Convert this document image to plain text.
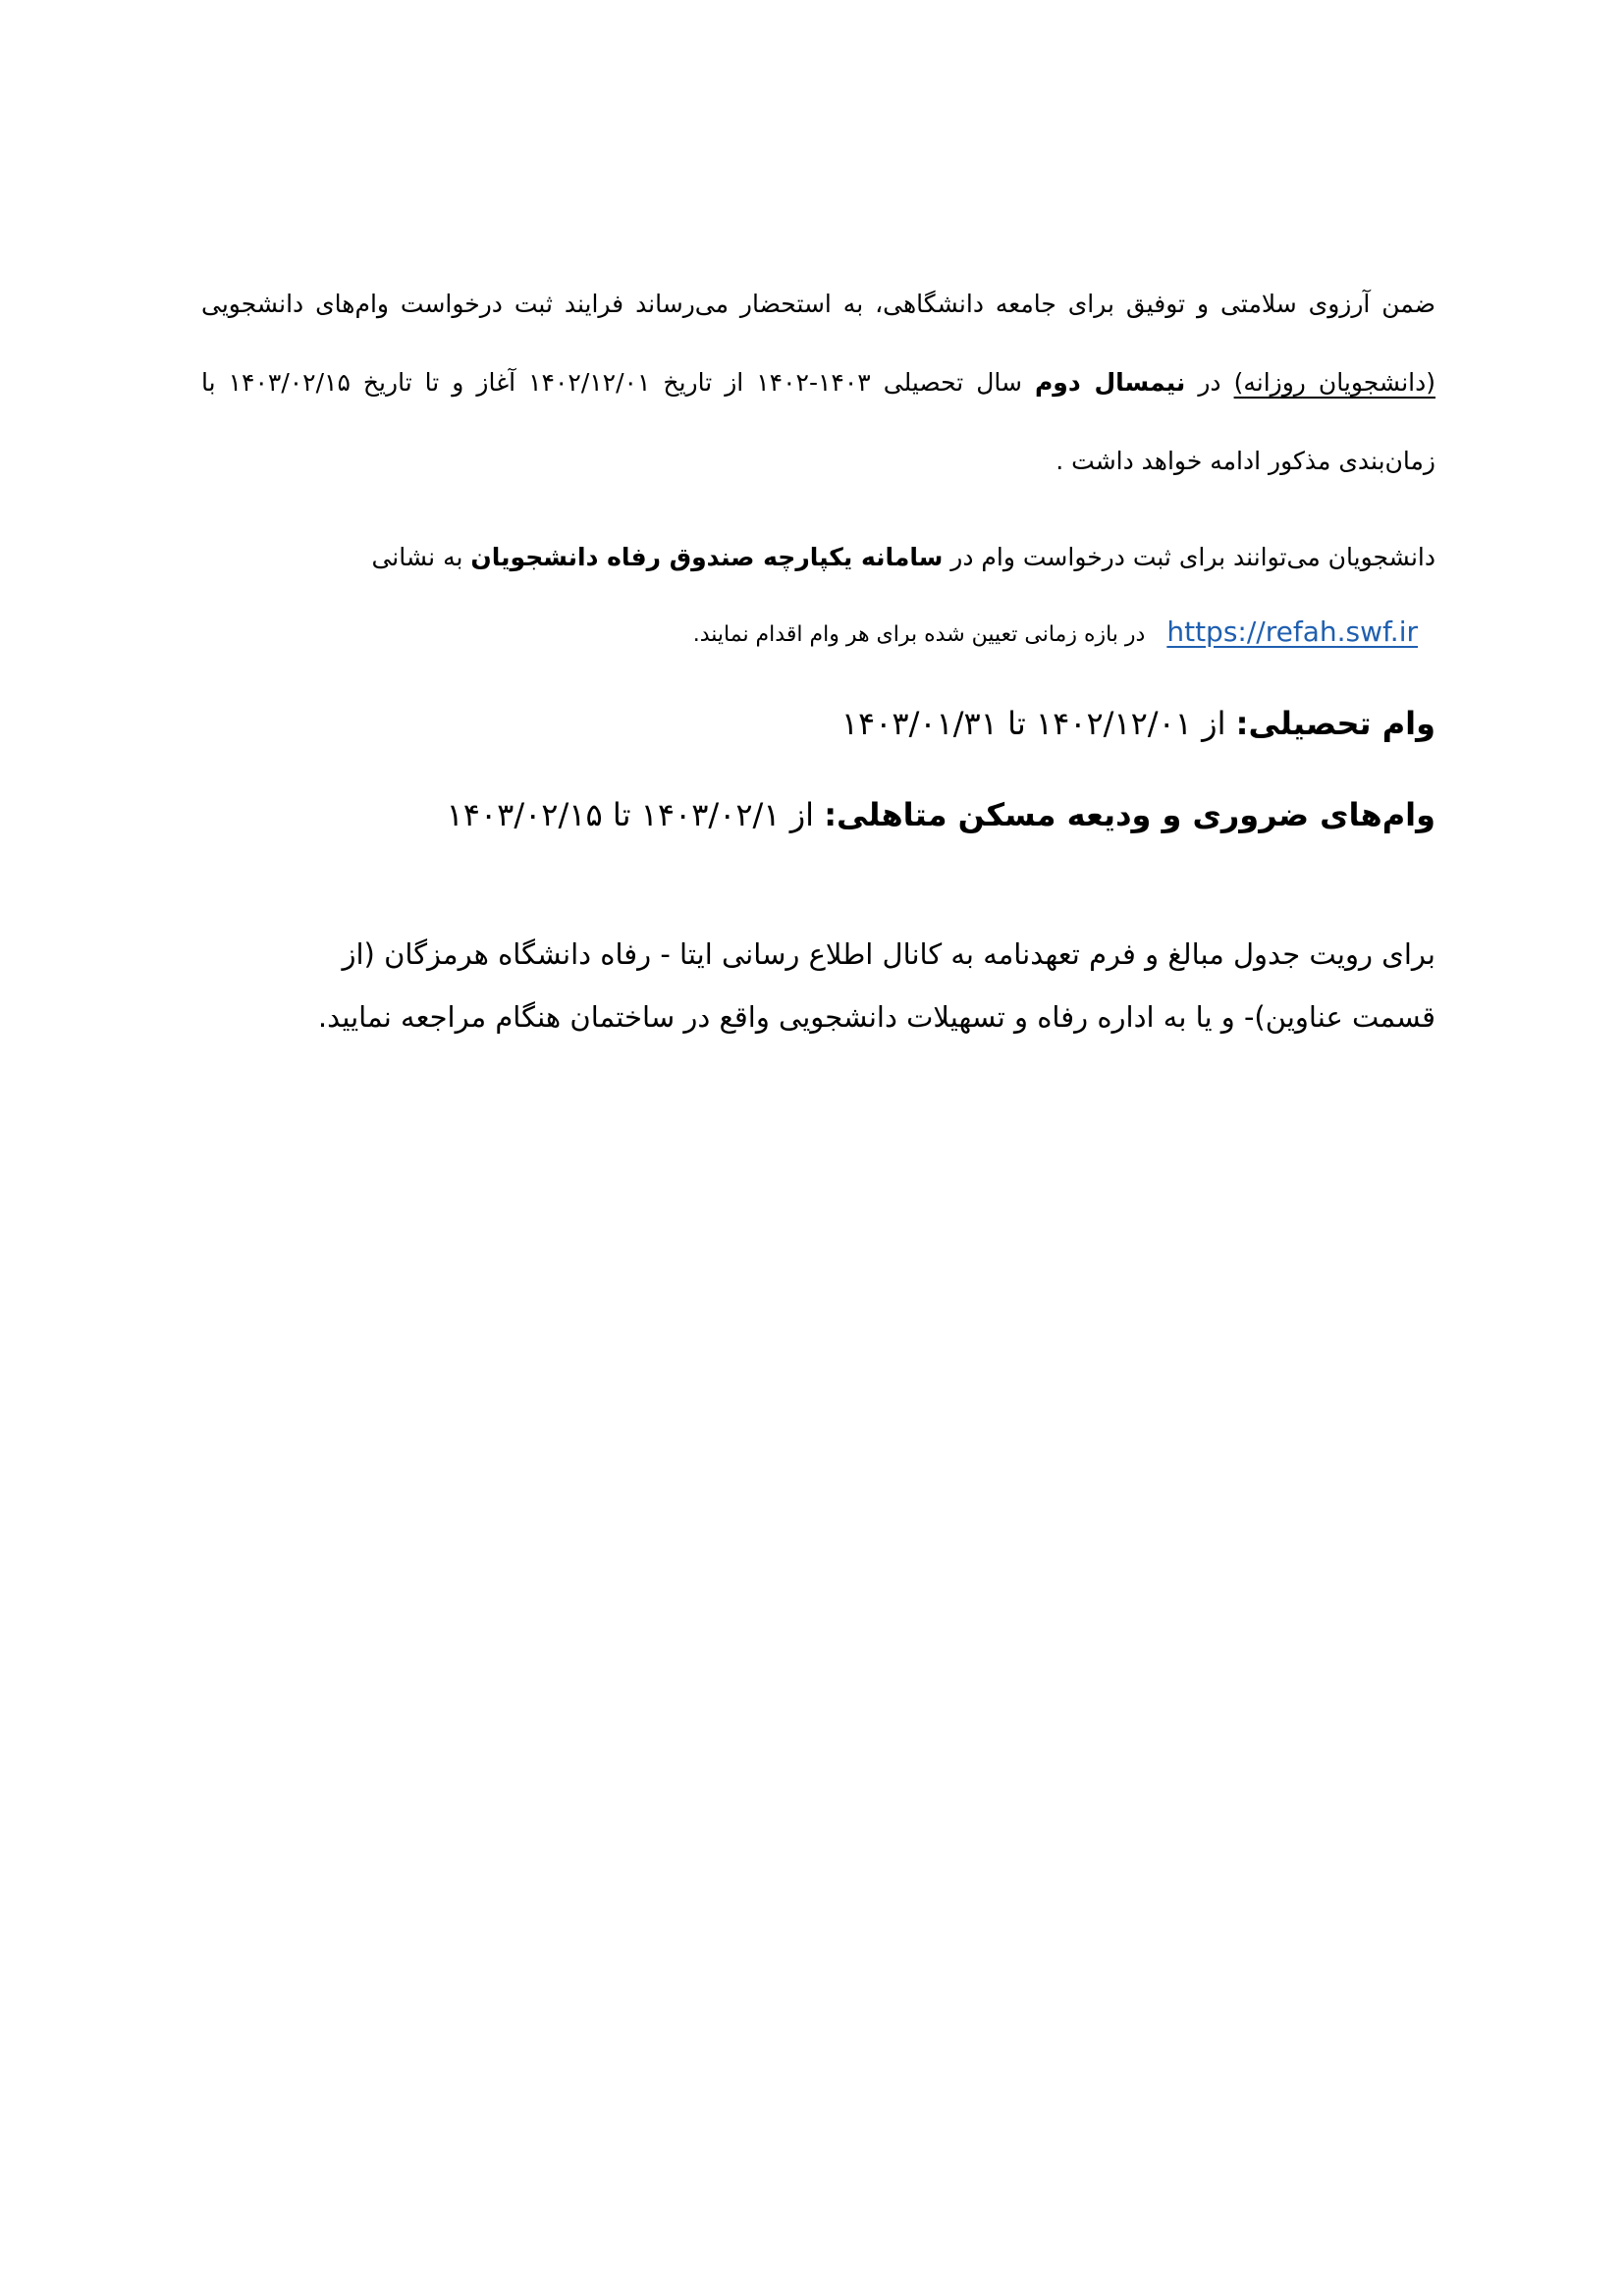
ضمن آرزوی سلامتی و توفیق برای جامعه دانشگاهی، به استحضار می‌رساند فرایند ثبت درخواست وام‌های دانشجویی (دانشجویان روزانه) در نیمسال دوم سال تحصیلی ۱۴۰۳-۱۴۰۲ از تاریخ ۱۴۰۲/۱۲/۰۱ آغاز و تا تاریخ ۱۴۰۳/۰۲/۱۵ با زمان‌بندی مذکور ادامه خواهد داشت .

دانشجویان می‌توانند برای ثبت درخواست وام در سامانه یکپارچه صندوق رفاه دانشجویان به نشانی
https://refah.swf.irدر بازه زمانی تعیین شده برای هر وام اقدام نمایند.
وام تحصیلی: از ۱۴۰۲/۱۲/۰۱ تا ۱۴۰۳/۰۱/۳۱
وام‌های ضروری و ودیعه مسکن متاهلی: از ۱۴۰۳/۰۲/۱ تا ۱۴۰۳/۰۲/۱۵

برای رویت جدول مبالغ و فرم تعهدنامه به کانال اطلاع رسانی ایتا - رفاه دانشگاه هرمزگان (از قسمت عناوین)- و یا به اداره رفاه و تسهیلات دانشجویی واقع در ساختمان هنگام مراجعه نمایید.
